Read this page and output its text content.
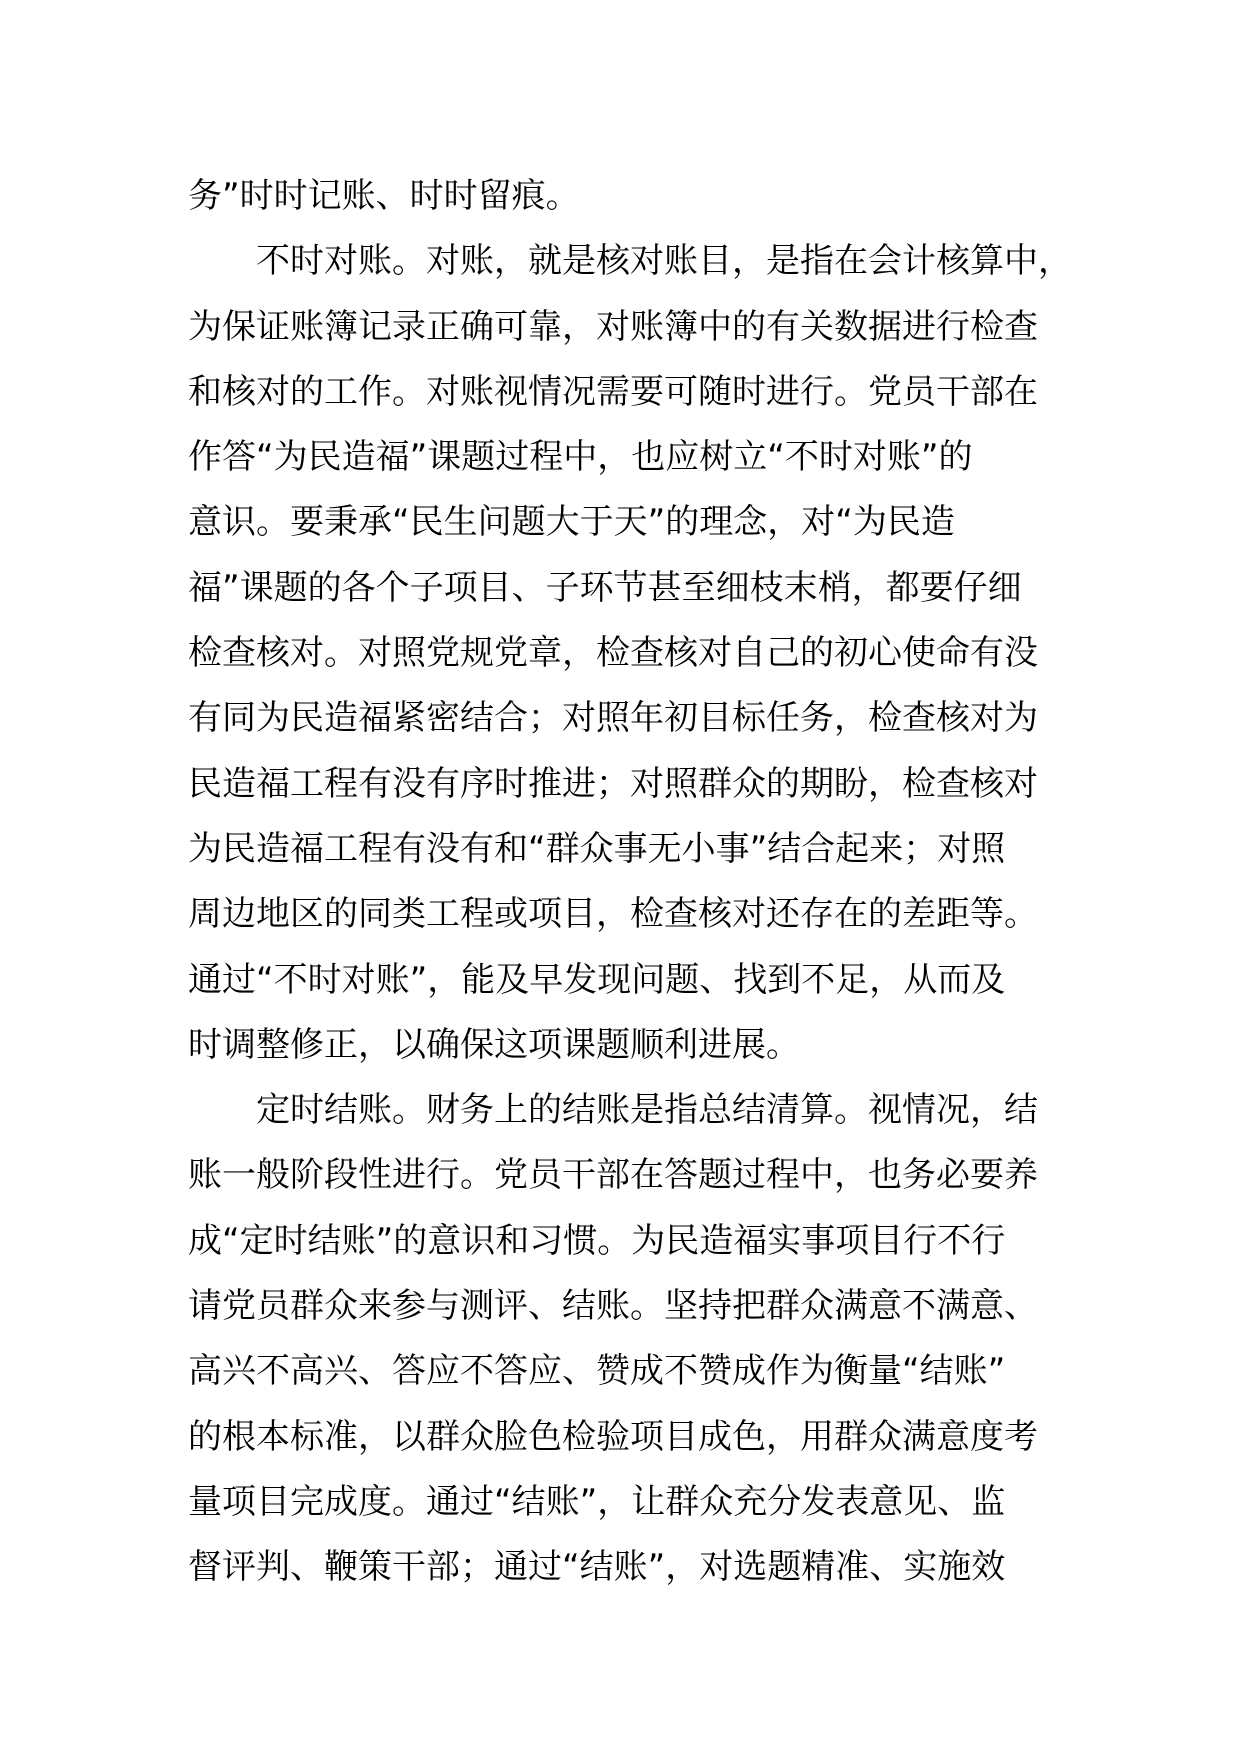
务”时时记账、时时留痕。
不时对账。对账，就是核对账目，是指在会计核算中，
为保证账簿记录正确可靠，对账簿中的有关数据进行检查
和核对的工作。对账视情况需要可随时进行。党员干部在
作答“为民造福”课题过程中，也应树立“不时对账”的
意识。要秉承“民生问题大于天”的理念，对“为民造
福”课题的各个子项目、子环节甚至细枝末梢，都要仔细
检查核对。对照党规党章，检查核对自己的初心使命有没
有同为民造福紧密结合；对照年初目标任务，检查核对为
民造福工程有没有序时推进；对照群众的期盼，检查核对
为民造福工程有没有和“群众事无小事”结合起来；对照
周边地区的同类工程或项目，检查核对还存在的差距等。
通过“不时对账”，能及早发现问题、找到不足，从而及
时调整修正，以确保这项课题顺利进展。
定时结账。财务上的结账是指总结清算。视情况，结
账一般阶段性进行。党员干部在答题过程中，也务必要养
成“定时结账”的意识和习惯。为民造福实事项目行不行
请党员群众来参与测评、结账。坚持把群众满意不满意、
高兴不高兴、答应不答应、赞成不赞成作为衡量“结账”
的根本标准，以群众脸色检验项目成色，用群众满意度考
量项目完成度。通过“结账”，让群众充分发表意见、监
督评判、鞭策干部；通过“结账”，对选题精准、实施效
